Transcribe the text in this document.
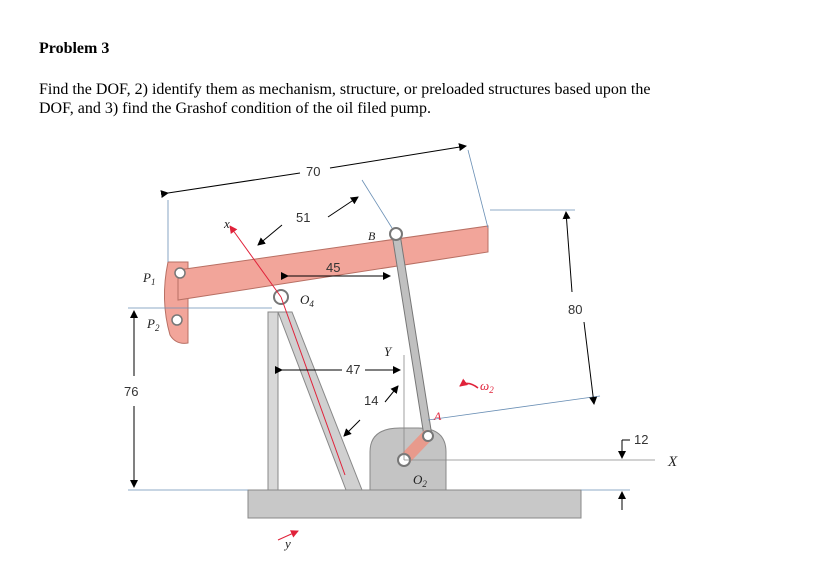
Problem 3
Find the DOF, 2) identify them as mechanism, structure, or preloaded structures based upon the
DOF, and 3) find the Grashof condition of the oil filed pump.
70
51
45
47
14
80
76
12
x
y
B
A
Y
X
$P_1$
$P_2$
$O_4$
$O_2$
$\omega_2$
